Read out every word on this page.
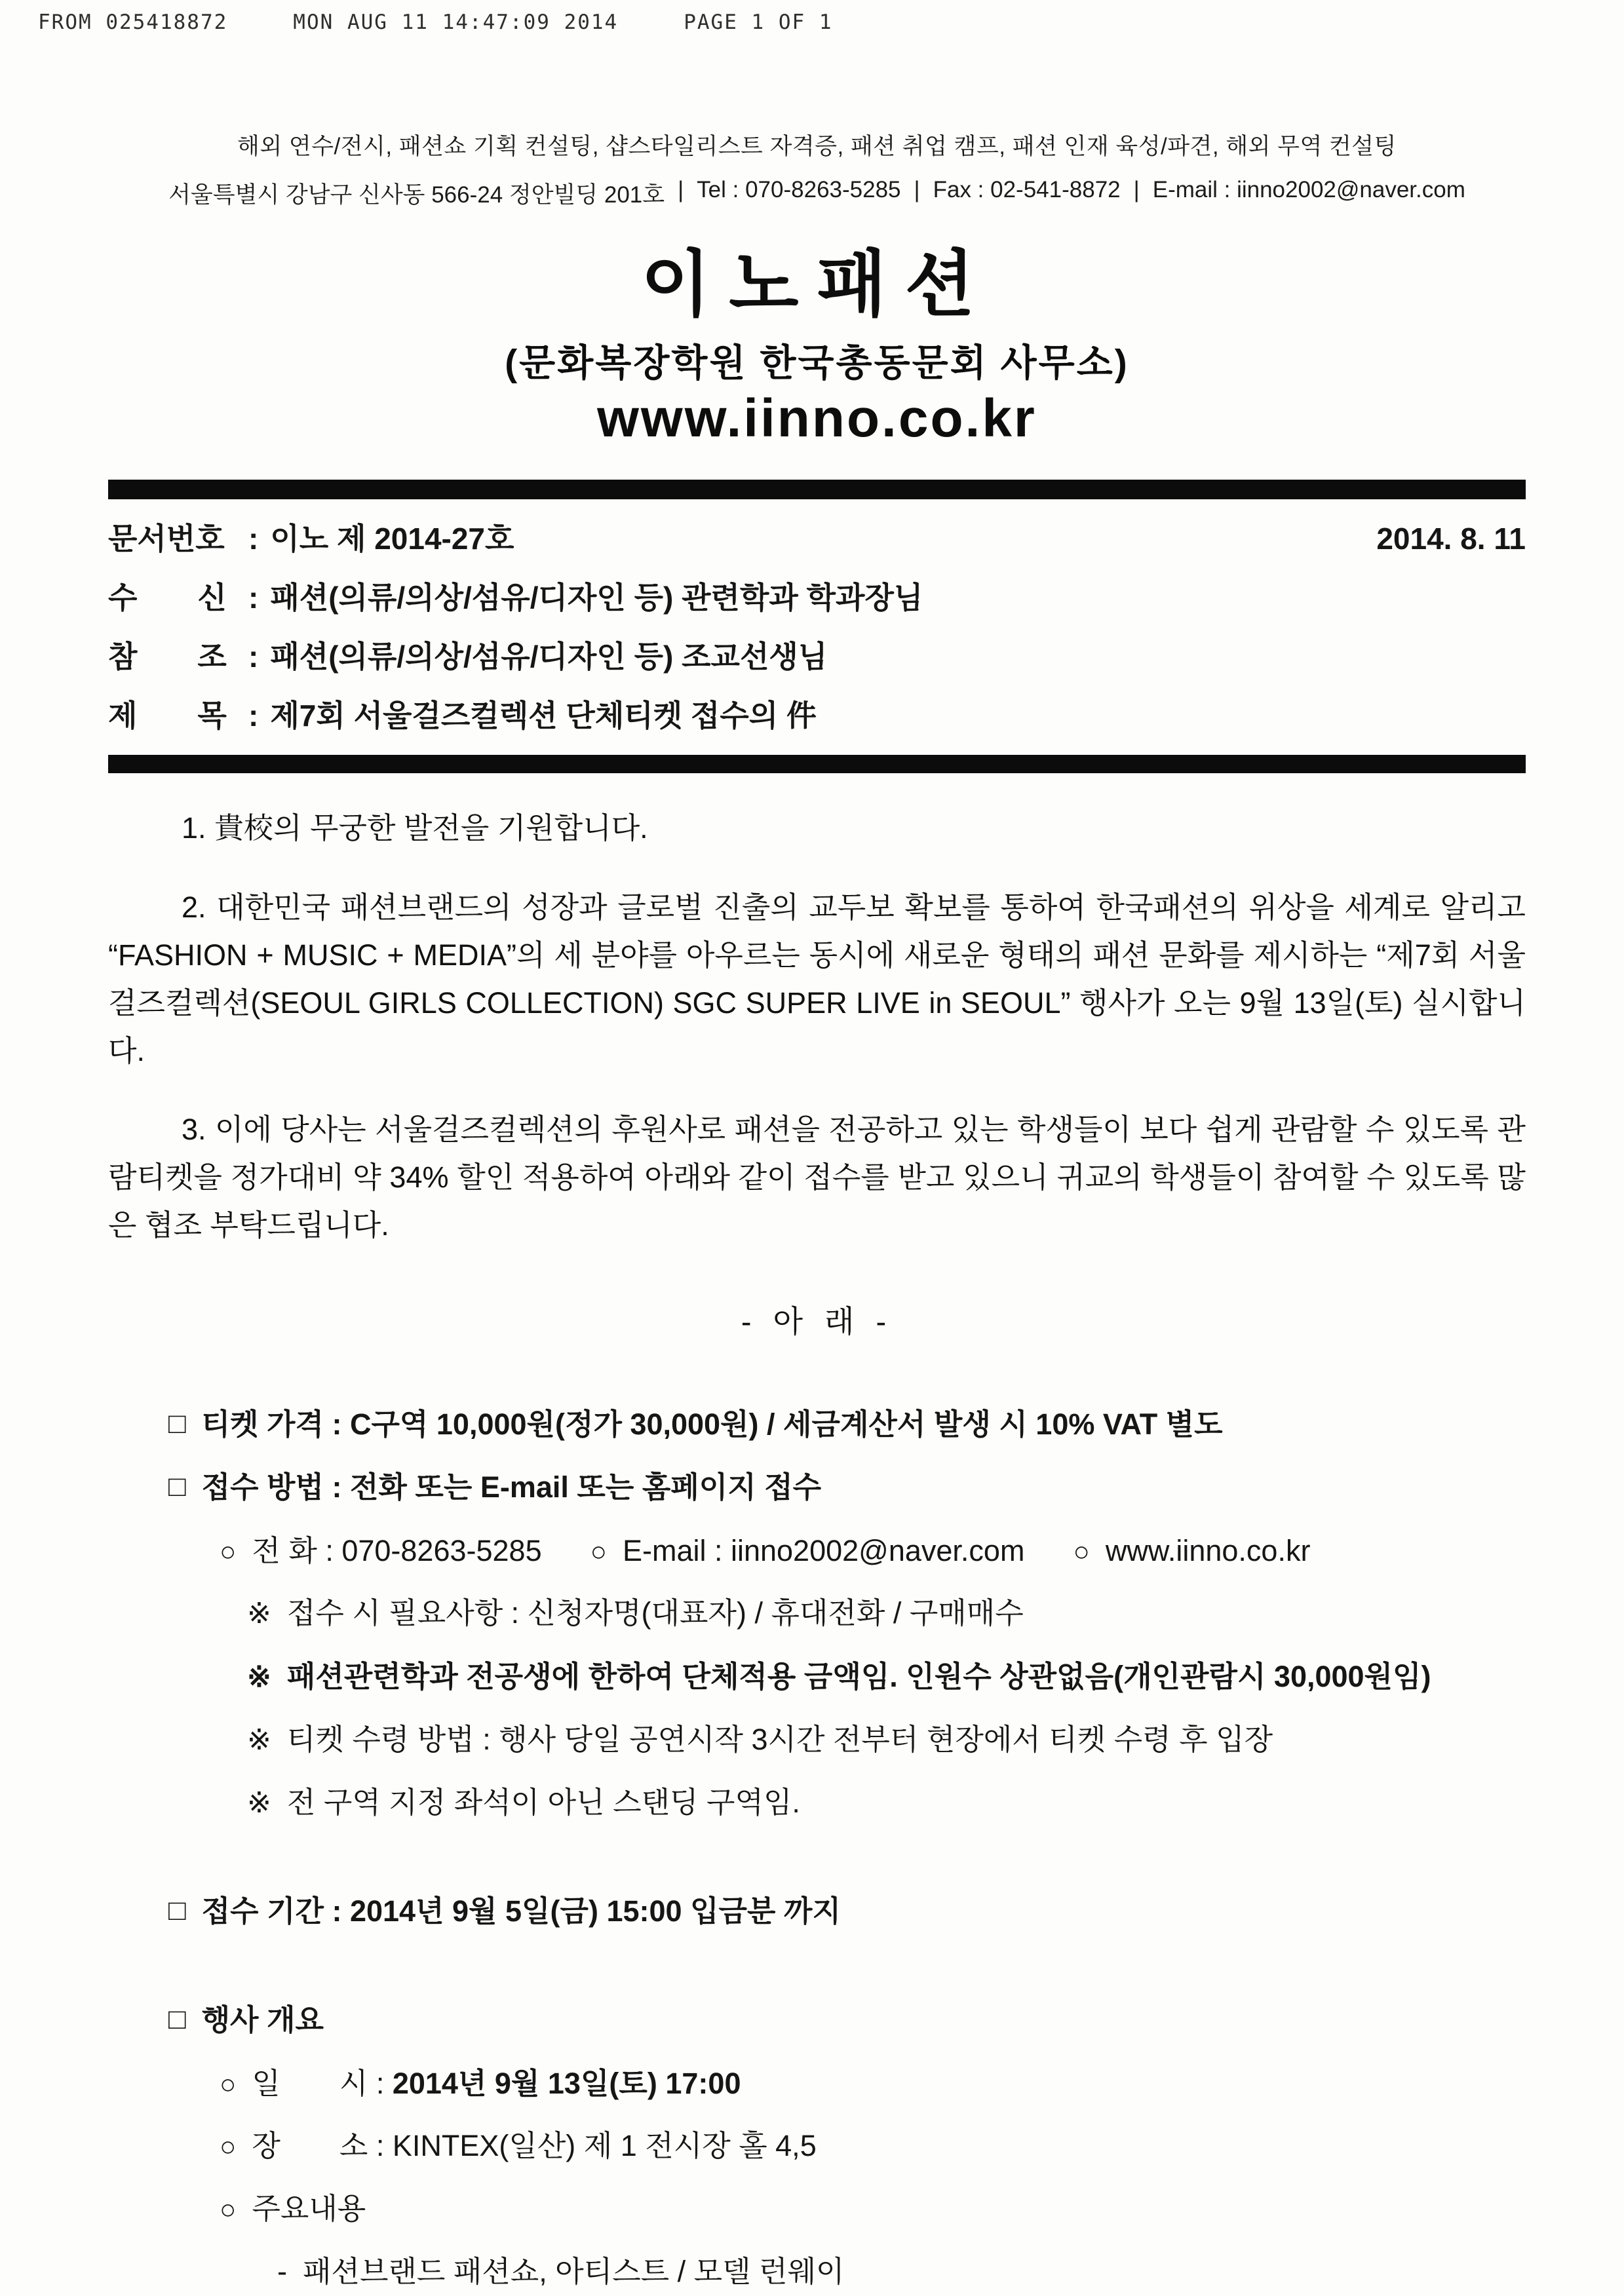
FROM 025418872	MON AUG 11 14:47:09 2014	PAGE 1 OF 1
해외 연수/전시, 패션쇼 기획 컨설팅, 샵스타일리스트 자격증, 패션 취업 캠프, 패션 인재 육성/파견, 해외 무역 컨설팅
서울특별시 강남구 신사동 566-24 정안빌딩 201호 | Tel : 070-8263-5285 | Fax : 02-541-8872 | E-mail : iinno2002@naver.com
이노패션
(문화복장학원 한국총동문회 사무소)
www.iinno.co.kr
문서번호 : 이노 제 2014-27호	2014. 8. 11
수　　신 : 패션(의류/의상/섬유/디자인 등) 관련학과 학과장님
참　　조 : 패션(의류/의상/섬유/디자인 등) 조교선생님
제　　목 : 제7회 서울걸즈컬렉션 단체티켓 접수의 件
1. 貴校의 무궁한 발전을 기원합니다.
2. 대한민국 패션브랜드의 성장과 글로벌 진출의 교두보 확보를 통하여 한국패션의 위상을 세계로 알리고 “FASHION + MUSIC + MEDIA”의 세 분야를 아우르는 동시에 새로운 형태의 패션 문화를 제시하는 “제7회 서울걸즈컬렉션(SEOUL GIRLS COLLECTION) SGC SUPER LIVE in SEOUL” 행사가 오는 9월 13일(토) 실시합니다.
3. 이에 당사는 서울걸즈컬렉션의 후원사로 패션을 전공하고 있는 학생들이 보다 쉽게 관람할 수 있도록 관람티켓을 정가대비 약 34% 할인 적용하여 아래와 같이 접수를 받고 있으니 귀교의 학생들이 참여할 수 있도록 많은 협조 부탁드립니다.
- 아 래 -
□ 티켓 가격 : C구역 10,000원(정가 30,000원) / 세금계산서 발생 시 10% VAT 별도
□ 접수 방법 : 전화 또는 E-mail 또는 홈페이지 접수
○ 전 화 : 070-8263-5285 ○ E-mail : iinno2002@naver.com ○ www.iinno.co.kr
※ 접수 시 필요사항 : 신청자명(대표자) / 휴대전화 / 구매매수
※ 패션관련학과 전공생에 한하여 단체적용 금액임. 인원수 상관없음(개인관람시 30,000원임)
※ 티켓 수령 방법 : 행사 당일 공연시작 3시간 전부터 현장에서 티켓 수령 후 입장
※ 전 구역 지정 좌석이 아닌 스탠딩 구역임.
□ 접수 기간 : 2014년 9월 5일(금) 15:00 입금분 까지
□ 행사 개요
○ 일　　시 : 2014년 9월 13일(토) 17:00
○ 장　　소 : KINTEX(일산) 제 1 전시장 홀 4,5
○ 주요내용
- 패션브랜드 패션쇼, 아티스트 / 모델 런웨이
